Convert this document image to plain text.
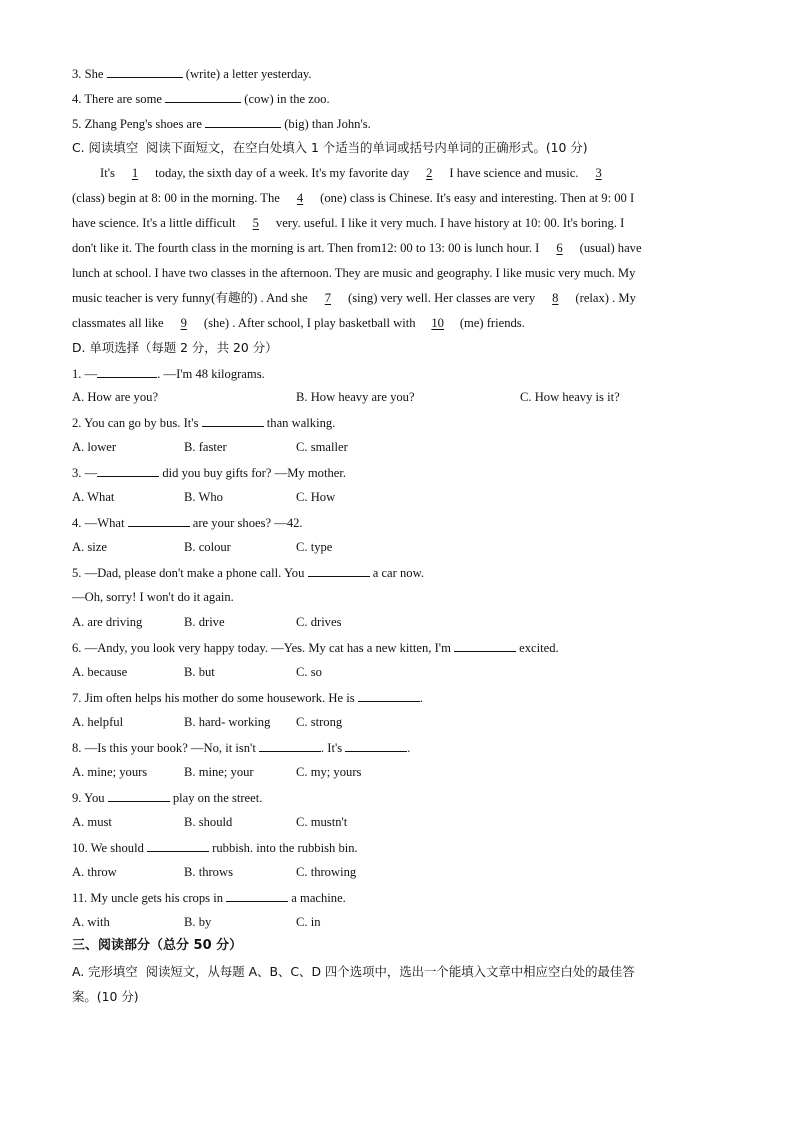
3. She	(write) a letter yesterday.
4. There are some	(cow) in the zoo.
5. Zhang Peng's shoes are	(big) than John's.
C. 阅读填空  阅读下面短文，在空白处填入 1 个适当的单词或括号内单词的正确形式。(10 分)
It's 1 today, the sixth day of a week. It's my favorite day 2 I have science and music. 3
(class) begin at 8: 00 in the morning. The 4 (one) class is Chinese. It's easy and interesting. Then at 9: 00 I
have science. It's a little difficult 5 very. useful. I like it very much. I have history at 10: 00. It's boring. I
don't like it. The fourth class in the morning is art. Then from12: 00 to 13: 00 is lunch hour. I 6 (usual) have
lunch at school. I have two classes in the afternoon. They are music and geography. I like music very much. My
music teacher is very funny(有趣的) . And she 7 (sing) very well. Her classes are very 8 (relax) . My
classmates all like 9 (she) . After school, I play basketball with 10 (me) friends.
D. 单项选择（每题 2 分，共 20 分）
1. —	. —I'm 48 kilograms.
A. How are you?	B. How heavy are you?	C. How heavy is it?
2. You can go by bus. It's	than walking.
A. lower	B. faster	C. smaller
3. —	did you buy gifts for? —My mother.
A. What	B. Who	C. How
4. —What	are your shoes? —42.
A. size	B. colour	C. type
5. —Dad, please don't make a phone call. You	a car now.
—Oh, sorry! I won't do it again.
A. are driving	B. drive	C. drives
6. —Andy, you look very happy today. —Yes. My cat has a new kitten, I'm	excited.
A. because	B. but	C. so
7. Jim often helps his mother do some housework. He is	.
A. helpful	B. hard- working C. strong
8. —Is this your book? —No, it isn't	. It's	.
A. mine; yours	B. mine; your	C. my; yours
9. You	play on the street.
A. must	B. should	C. mustn't
10. We should	rubbish. into the rubbish bin.
A. throw	B. throws	C. throwing
11. My uncle gets his crops in	a machine.
A. with	B. by	C. in
三、阅读部分（总分 50 分）
A. 完形填空  阅读短文，从每题 A、B、C、D 四个选项中，选出一个能填入文章中相应空白处的最佳答
案。(10 分)
